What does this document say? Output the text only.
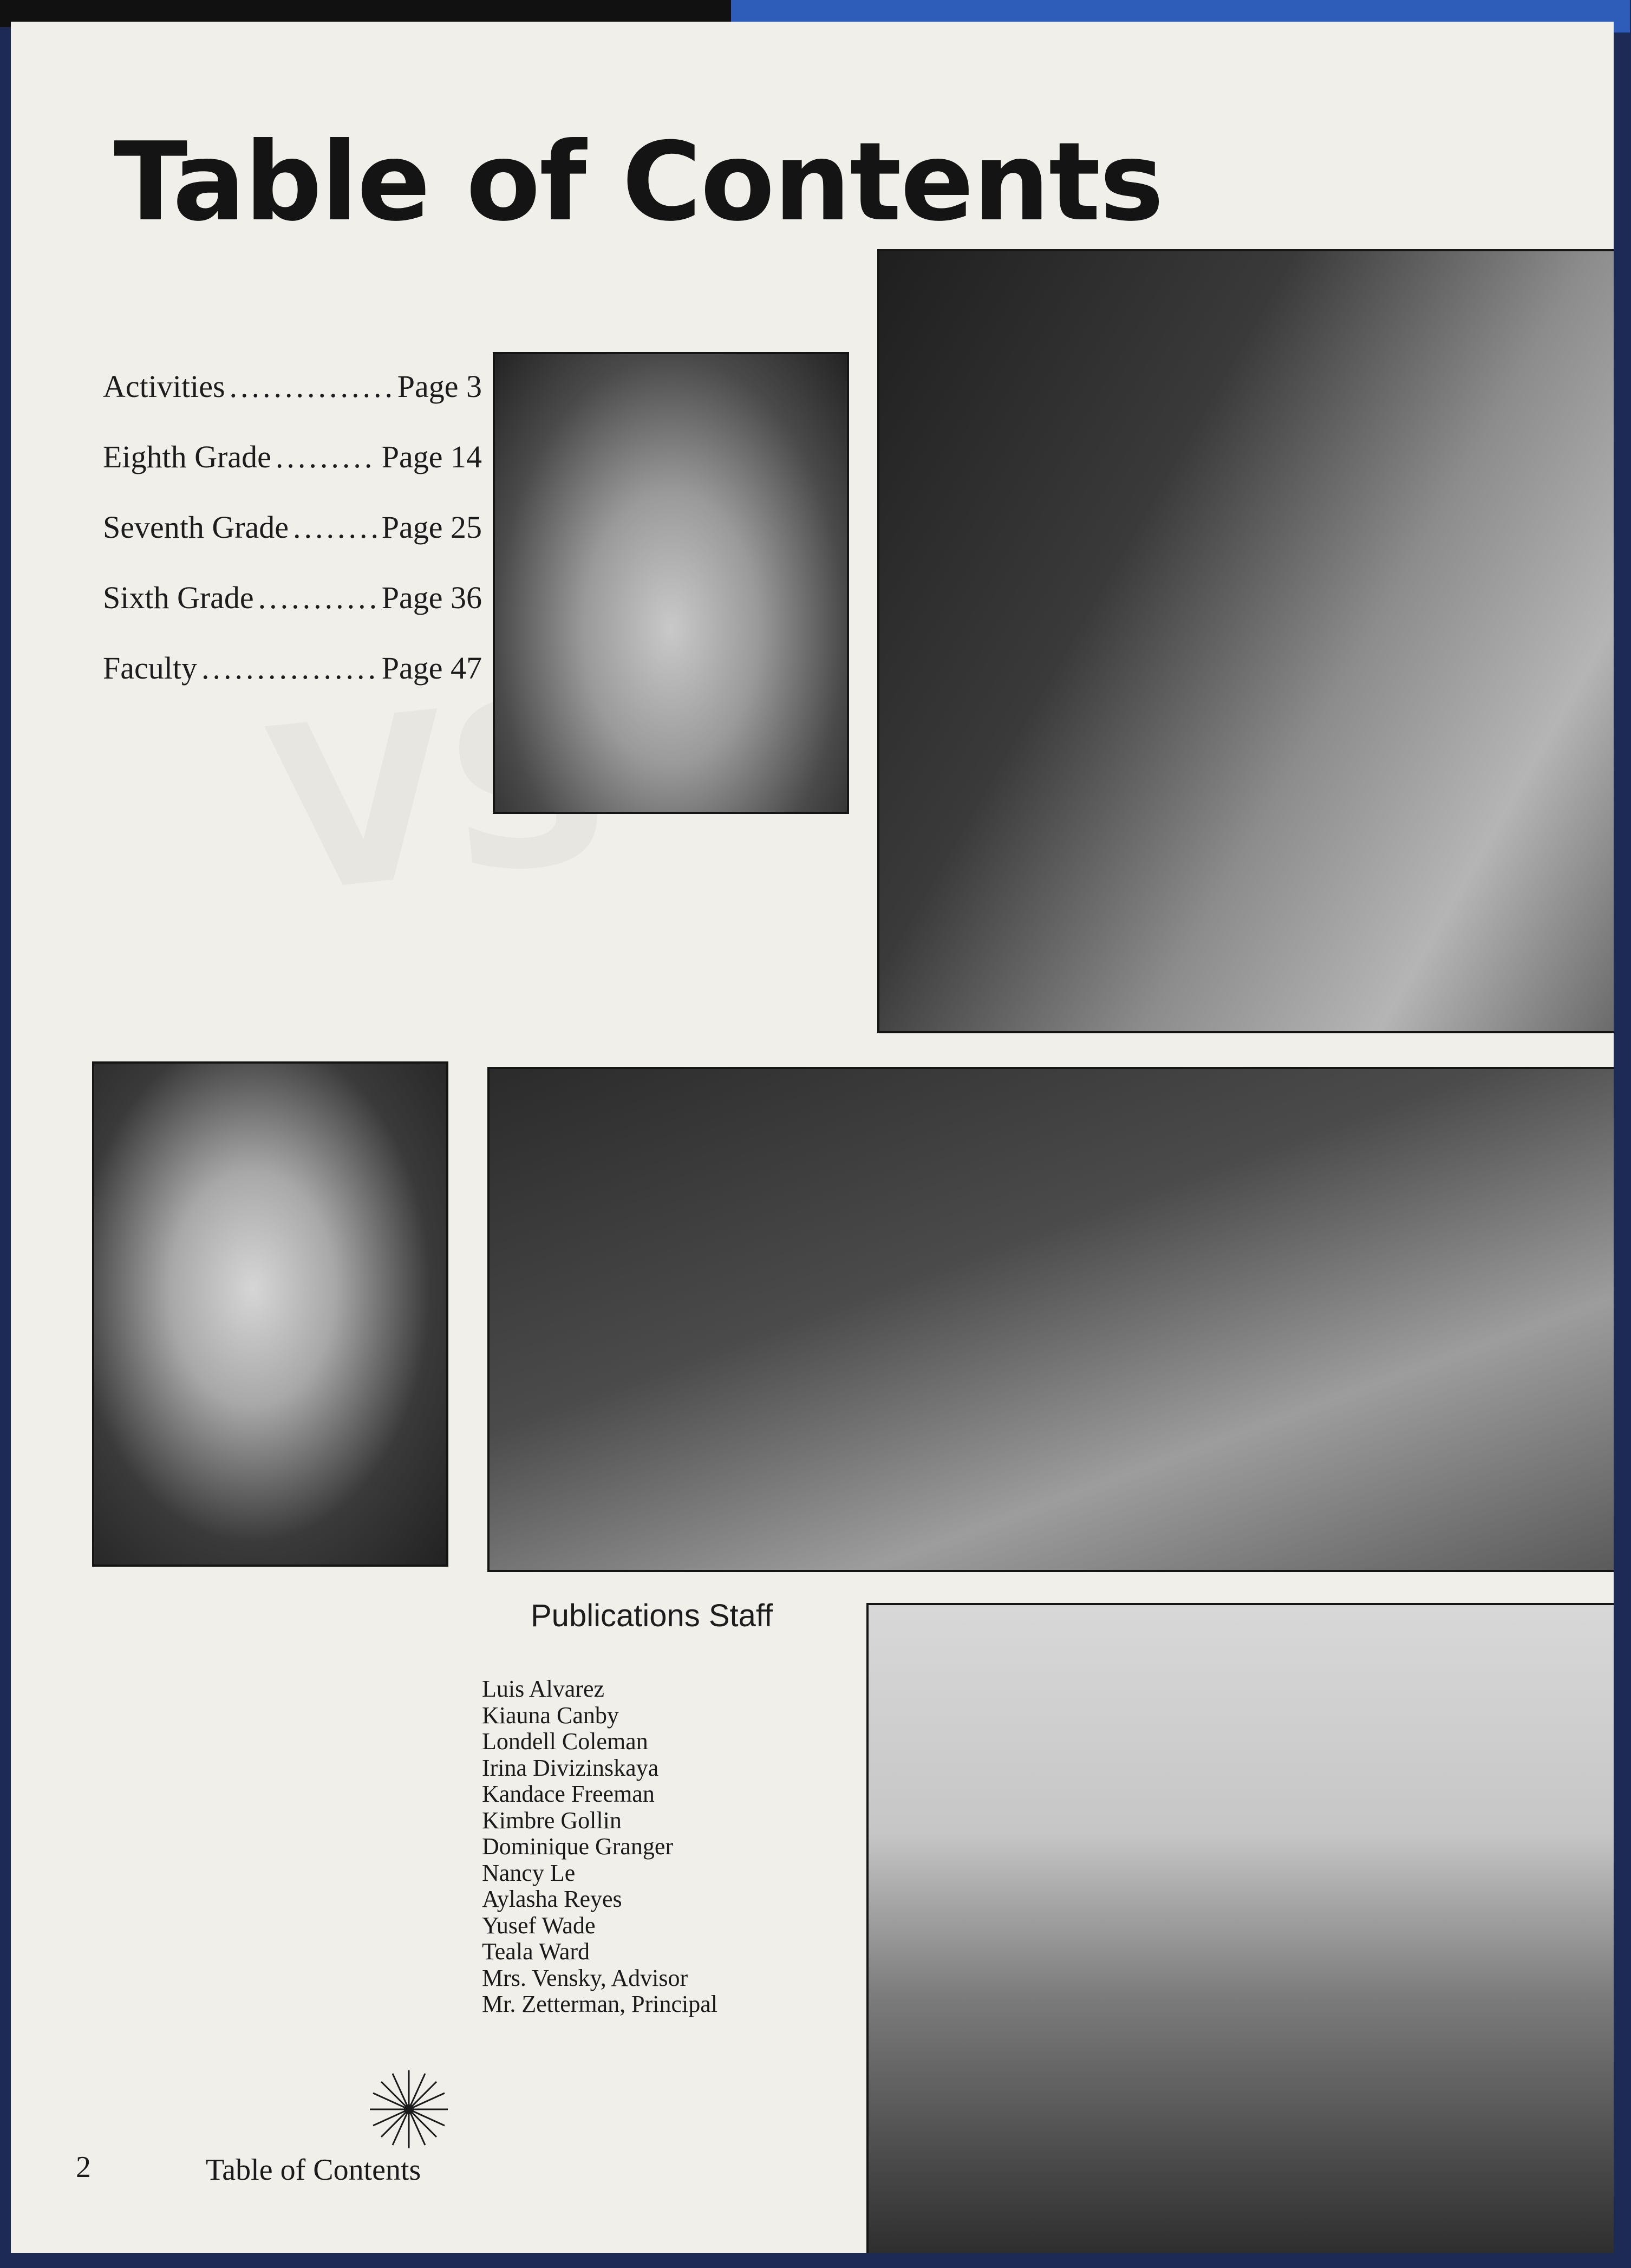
Table of Contents
Activities .....	Page 3
Eighth Grade .....	Page 14
Seventh Grade .....	Page 25
Sixth Grade .....	Page 36
Faculty .....	Page 47
Publications Staff
Luis Alvarez
Kiauna Canby
Londell Coleman
Irina Divizinskaya
Kandace Freeman
Kimbre Gollin
Dominique Granger
Nancy Le
Aylasha Reyes
Yusef Wade
Teala Ward
Mrs. Vensky, Advisor
Mr. Zetterman, Principal
2	Table of Contents
